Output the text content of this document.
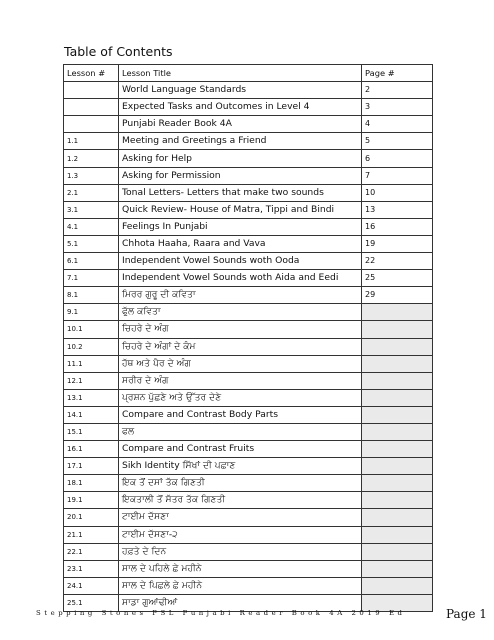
Table of Contents
Lesson #	Lesson Title	Page #
	World Language Standards	2
	Expected Tasks and Outcomes in Level 4	3
	Punjabi Reader Book 4A	4
1.1	Meeting and Greetings a Friend	5
1.2	Asking for Help	6
1.3	Asking for Permission	7
2.1	Tonal Letters- Letters that make two sounds	10
3.1	Quick Review- House of Matra, Tippi and Bindi	13
4.1	Feelings In Punjabi	16
5.1	Chhota Haaha, Raara and Vava	19
6.1	Independent Vowel Sounds woth Ooda	22
7.1	Independent Vowel Sounds woth Aida and Eedi	25
8.1	ਮਿਰਰ ਗੁਰੂ ਦੀ ਕਵਿਤਾ	29
9.1	ਫੁੱਲ ਕਵਿਤਾ	
10.1	ਚਿਹਰੇ ਦੇ ਅੰਗ	
10.2	ਚਿਹਰੇ ਦੇ ਅੰਗਾਂ ਦੇ ਕੰਮ	
11.1	ਹੱਥ ਅਤੇ ਪੈਰ ਦੇ ਅੰਗ	
12.1	ਸਰੀਰ ਦੇ ਅੰਗ	
13.1	ਪ੍ਰਸ਼ਨ ਪੁੱਛਣੇ ਅਤੇ ਉੱਤਰ ਦੇਣੇ	
14.1	Compare and Contrast Body Parts	
15.1	ਫਲ	
16.1	Compare and Contrast Fruits	
17.1	Sikh Identity ਸਿੱਖਾਂ ਦੀ ਪਛਾਣ	
18.1	ਇਕ ਤੋਂ ਦਸਾਂ ਤੱਕ ਗਿਣਤੀ	
19.1	ਇਕਤਾਲੀ ਤੋਂ ਸੱਤਰ ਤੱਕ ਗਿਣਤੀ	
20.1	ਟਾਈਮ ਦੱਸਣਾ	
21.1	ਟਾਈਮ ਦੱਸਣਾ-੨	
22.1	ਹਫ਼ਤੇ ਦੇ ਦਿਨ	
23.1	ਸਾਲ ਦੇ ਪਹਿਲੇ ਛੇ ਮਹੀਨੇ	
24.1	ਸਾਲ ਦੇ ਪਿਛਲੇ ਛੇ ਮਹੀਨੇ	
25.1	ਸਾਡਾ ਗੁਆਂਢੀਆਂ	
Stepping Stones PSL Punjabi Reader Book 4A 2019 Ed	Page 1
